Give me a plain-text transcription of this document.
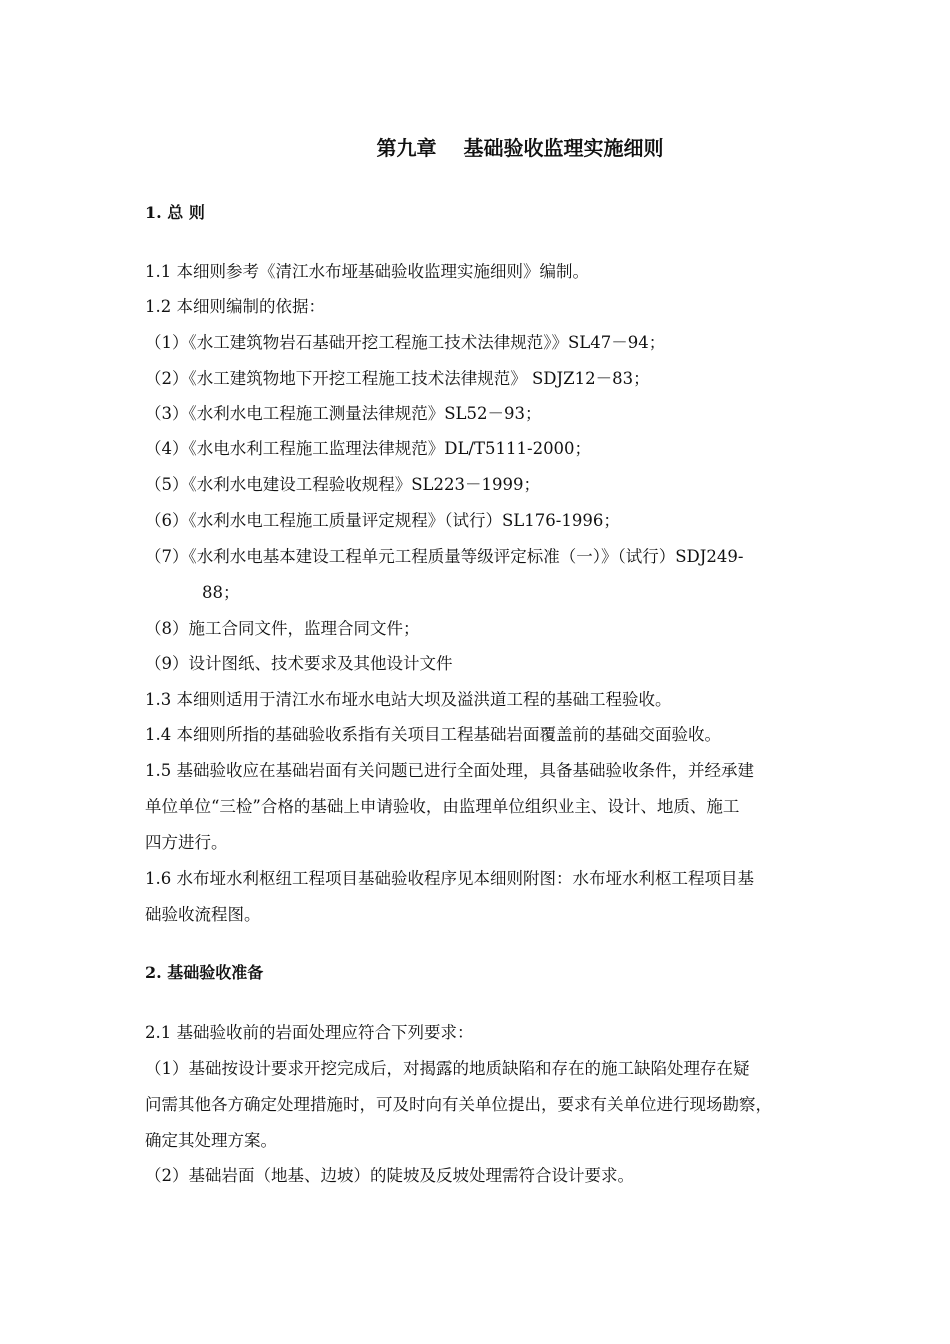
第九章　 基础验收监理实施细则
1. 总 则
1.1 本细则参考《清江水布垭基础验收监理实施细则》编制。
1.2 本细则编制的依据：
（1）《水工建筑物岩石基础开挖工程施工技术法律规范》》SL47－94；
（2）《水工建筑物地下开挖工程施工技术法律规范》 SDJZ12－83；
（3）《水利水电工程施工测量法律规范》SL52－93；
（4）《水电水利工程施工监理法律规范》DL/T5111-2000；
（5）《水利水电建设工程验收规程》SL223－1999；
（6）《水利水电工程施工质量评定规程》（试行）SL176-1996；
（7）《水利水电基本建设工程单元工程质量等级评定标准（一）》（试行）SDJ249-
88；
（8）施工合同文件，监理合同文件；
（9）设计图纸、技术要求及其他设计文件
1.3 本细则适用于清江水布垭水电站大坝及溢洪道工程的基础工程验收。
1.4 本细则所指的基础验收系指有关项目工程基础岩面覆盖前的基础交面验收。
1.5 基础验收应在基础岩面有关问题已进行全面处理，具备基础验收条件，并经承建
单位单位“三检”合格的基础上申请验收，由监理单位组织业主、设计、地质、施工
四方进行。
1.6 水布垭水利枢纽工程项目基础验收程序见本细则附图：水布垭水利枢工程项目基
础验收流程图。
2. 基础验收准备
2.1 基础验收前的岩面处理应符合下列要求：
（1）基础按设计要求开挖完成后，对揭露的地质缺陷和存在的施工缺陷处理存在疑
问需其他各方确定处理措施时，可及时向有关单位提出，要求有关单位进行现场勘察，
确定其处理方案。
（2）基础岩面（地基、边坡）的陡坡及反坡处理需符合设计要求。
